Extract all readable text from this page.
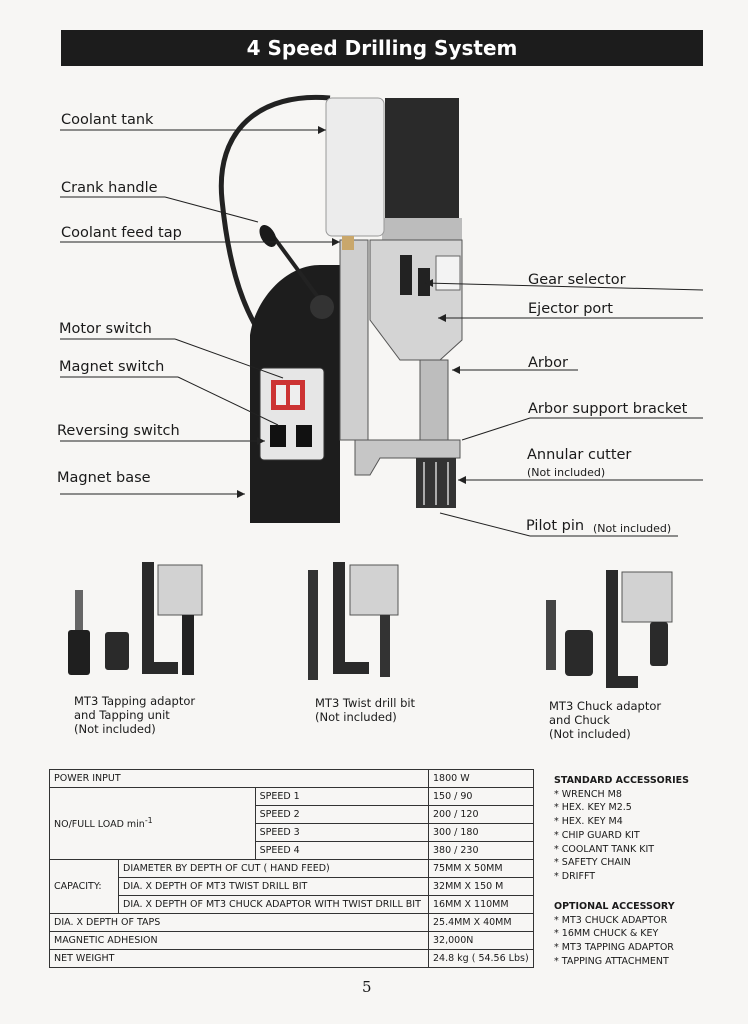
4 Speed Drilling System
Coolant tank
Crank handle
Coolant feed tap
Motor switch
Magnet switch
Reversing switch
Magnet base
Gear selector
Ejector port
Arbor
Arbor support bracket
Annular cutter
(Not included)
Pilot pin (Not included)
MT3 Tapping adaptor
and Tapping unit
(Not included)
MT3 Twist drill bit
(Not included)
MT3 Chuck adaptor
and Chuck
(Not included)
POWER INPUT			1800 W
NO/FULL LOAD $\min^{-1}$		SPEED 1	150 / 90
		SPEED 2	200 / 120
		SPEED 3	300 / 180
		SPEED 4	380 / 230
CAPACITY:	DIAMETER BY DEPTH OF CUT ( HAND FEED)		75MM X 50MM
	DIA. X DEPTH OF MT3 TWIST DRILL BIT		32MM X 150 M
	DIA. X DEPTH OF MT3 CHUCK ADAPTOR WITH TWIST DRILL BIT		16MM X 110MM
DIA. X DEPTH OF TAPS			25.4MM X 40MM
MAGNETIC ADHESION			32,000N
NET WEIGHT			24.8 kg ( 54.56 Lbs)
STANDARD ACCESSORIES
* WRENCH M8
* HEX. KEY M2.5
* HEX. KEY M4
* CHIP GUARD KIT
* COOLANT TANK KIT
* SAFETY CHAIN
* DRIFFT
OPTIONAL ACCESSORY
* MT3 CHUCK ADAPTOR
* 16MM CHUCK & KEY
* MT3 TAPPING ADAPTOR
* TAPPING ATTACHMENT
5
